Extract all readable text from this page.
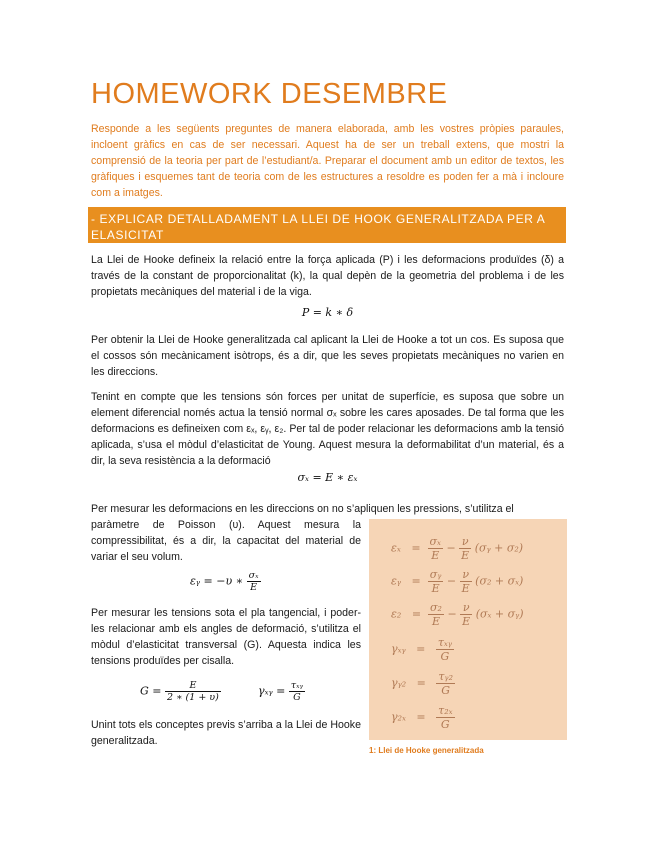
HOMEWORK DESEMBRE

Responde a les següents preguntes de manera elaborada, amb les vostres pròpies paraules, incloent gràfics en cas de ser necessari. Aquest ha de ser un treball extens, que mostri la comprensió de la teoria per part de l’estudiant/a. Preparar el document amb un editor de textos, les gràfiques i esquemes tant de teoria com de les estructures a resoldre es poden fer a mà i incloure com a imatges.

- EXPLICAR DETALLADAMENT LA LLEI DE HOOK GENERALITZADA PER A ELASICITAT

La Llei de Hooke defineix la relació entre la força aplicada (P) i les deformacions produïdes (δ) a través de la constant de proporcionalitat (k), la qual depèn de la geometria del problema i de les propietats mecàniques del material i de la viga.

P = k ∗ δ

Per obtenir la Llei de Hooke generalitzada cal aplicant la Llei de Hooke a tot un cos. Es suposa que el cossos són mecànicament isòtrops, és a dir, que les seves propietats mecàniques no varien en les direccions.

Tenint en compte que les tensions són forces per unitat de superfície, es suposa que sobre un element diferencial només actua la tensió normal σₓ sobre les cares aposades. De tal forma que les deformacions es defineixen com εₓ, εᵧ, ε₂. Per tal de poder relacionar les deformacions amb la tensió aplicada, s’usa el mòdul d’elasticitat de Young. Aquest mesura la deformabilitat d’un material, és a dir, la seva resistència a la deformació

σₓ = E ∗ εₓ

Per mesurar les deformacions en les direccions on no s’apliquen les pressions, s’utilitza el

paràmetre de Poisson (υ). Aquest mesura la compressibilitat, és a dir, la capacitat del material de variar el seu volum.

εᵧ = −υ ∗ $\frac{\text{σₓ}}{E}$

Per mesurar les tensions sota el pla tangencial, i poder-les relacionar amb els angles de deformació, s’utilitza el mòdul d’elasticitat transversal (G). Aquesta indica les tensions produïdes per cisalla.

$G = \frac{E}{2 ∗ (1 + \upsilon)}$	γₓᵧ = $\frac{\text{τₓᵧ}}{G}$

Unint tots els conceptes previs s’arriba a la Llei de Hooke generalitzada.

$\varepsilon_x = \frac{\text{σₓ}}{E} - \frac{\nu}{E}$ (σᵧ + σ₂)
εᵧ = $\frac{\text{σᵧ}}{E} - \frac{\nu}{E} (\sigma_2 + \sigma_x)$
$\varepsilon_2 = \frac{\text{σ₂}}{E} - \frac{\nu}{E} (\sigma_x$ + σᵧ)
γₓᵧ = $\frac{\text{τₓᵧ}}{G}$
γᵧ₂ = $\frac{\text{τᵧ₂}}{G}$
$\gamma_{2x} = \frac{\text{τ₂ₓ}}{G}$
1: Llei de Hooke generalitzada
